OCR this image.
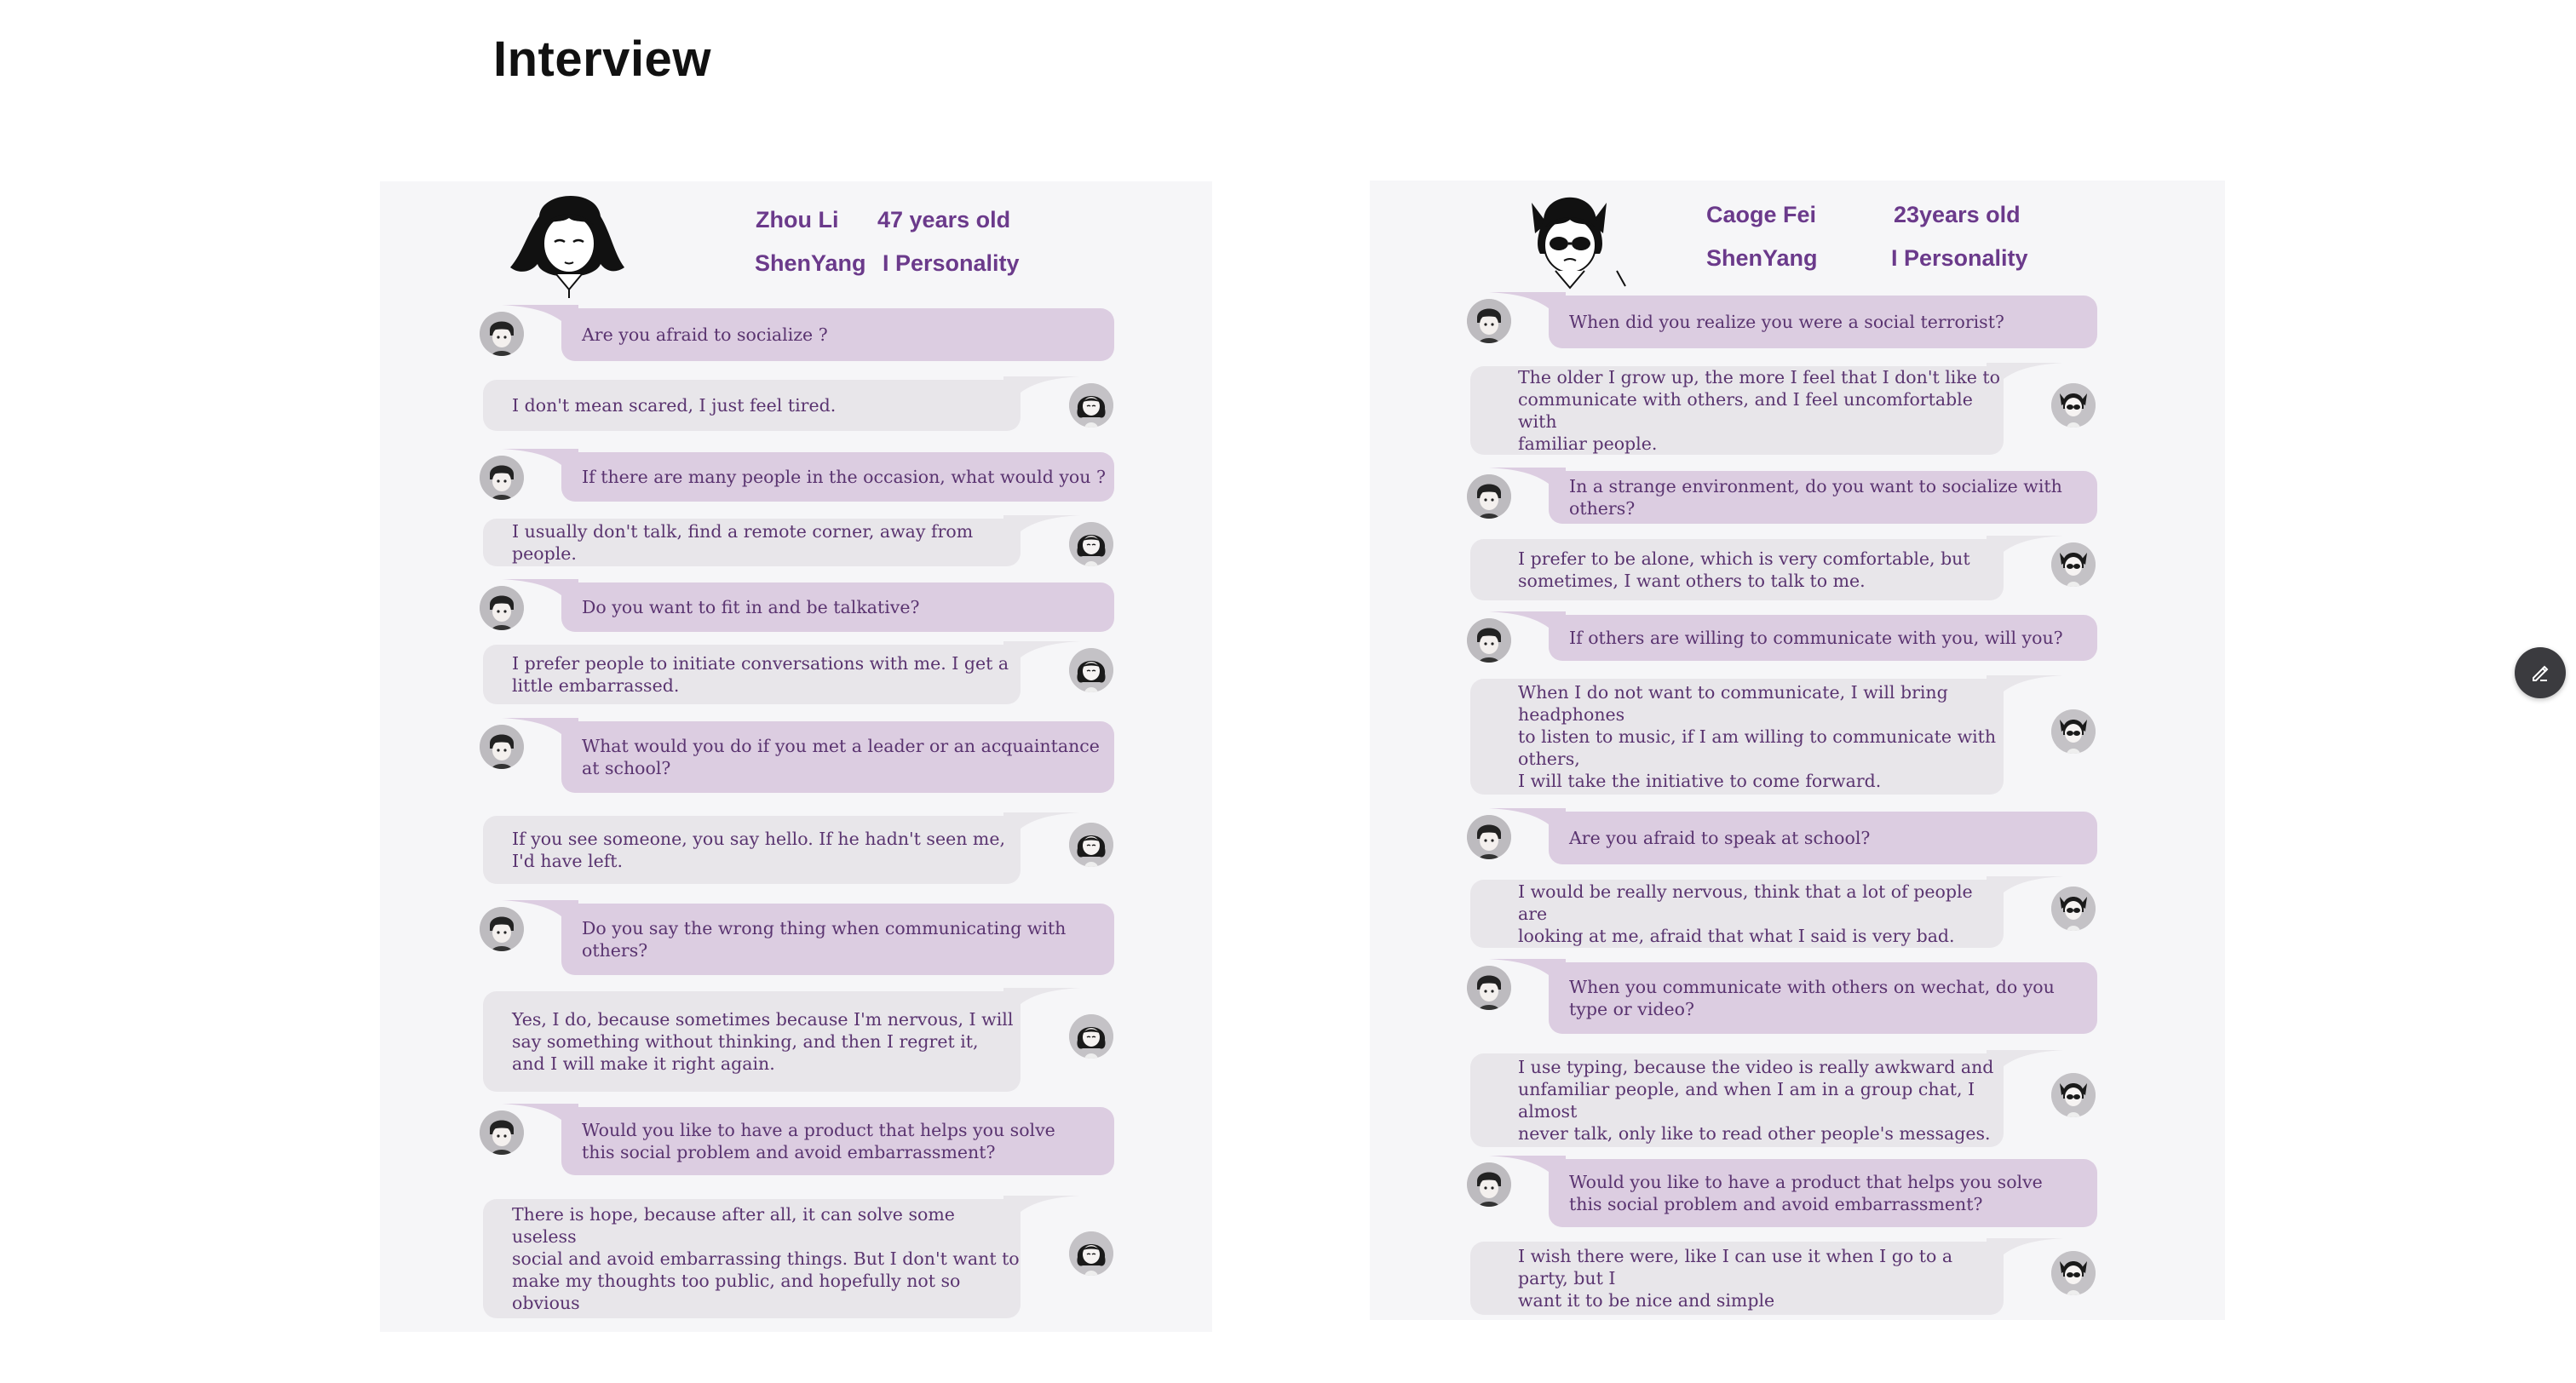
Interview
Zhou Li 47 years old
ShenYang I Personality
Are you afraid to socialize ?
I don't mean scared, I just feel tired.
If there are many people in the occasion, what would you ?
I usually don't talk, find a remote corner, away from people.
Do you want to fit in and be talkative?
I prefer people to initiate conversations with me. I get a
little embarrassed.
What would you do if you met a leader or an acquaintance
at school?
If you see someone, you say hello. If he hadn't seen me,
I'd have left.
Do you say the wrong thing when communicating with
others?
Yes, I do, because sometimes because I'm nervous, I will
say something without thinking, and then I regret it,
and I will make it right again.
Would you like to have a product that helps you solve
this social problem and avoid embarrassment?
There is hope, because after all, it can solve some useless
social and avoid embarrassing things. But I don't want to
make my thoughts too public, and hopefully not so obvious
Caoge Fei	23years old
ShenYang	I Personality
When did you realize you were a social terrorist?
The older I grow up, the more I feel that I don't like to
communicate with others, and I feel uncomfortable with
familiar people.
In a strange environment, do you want to socialize with
others?
I prefer to be alone, which is very comfortable, but
sometimes, I want others to talk to me.
If others are willing to communicate with you, will you?
When I do not want to communicate, I will bring headphones
to listen to music, if I am willing to communicate with others,
I will take the initiative to come forward.
Are you afraid to speak at school?
I would be really nervous, think that a lot of people are
looking at me, afraid that what I said is very bad.
When you communicate with others on wechat, do you
type or video?
I use typing, because the video is really awkward and
unfamiliar people, and when I am in a group chat, I almost
never talk, only like to read other people's messages.
Would you like to have a product that helps you solve
this social problem and avoid embarrassment?
I wish there were, like I can use it when I go to a party, but I
want it to be nice and simple
